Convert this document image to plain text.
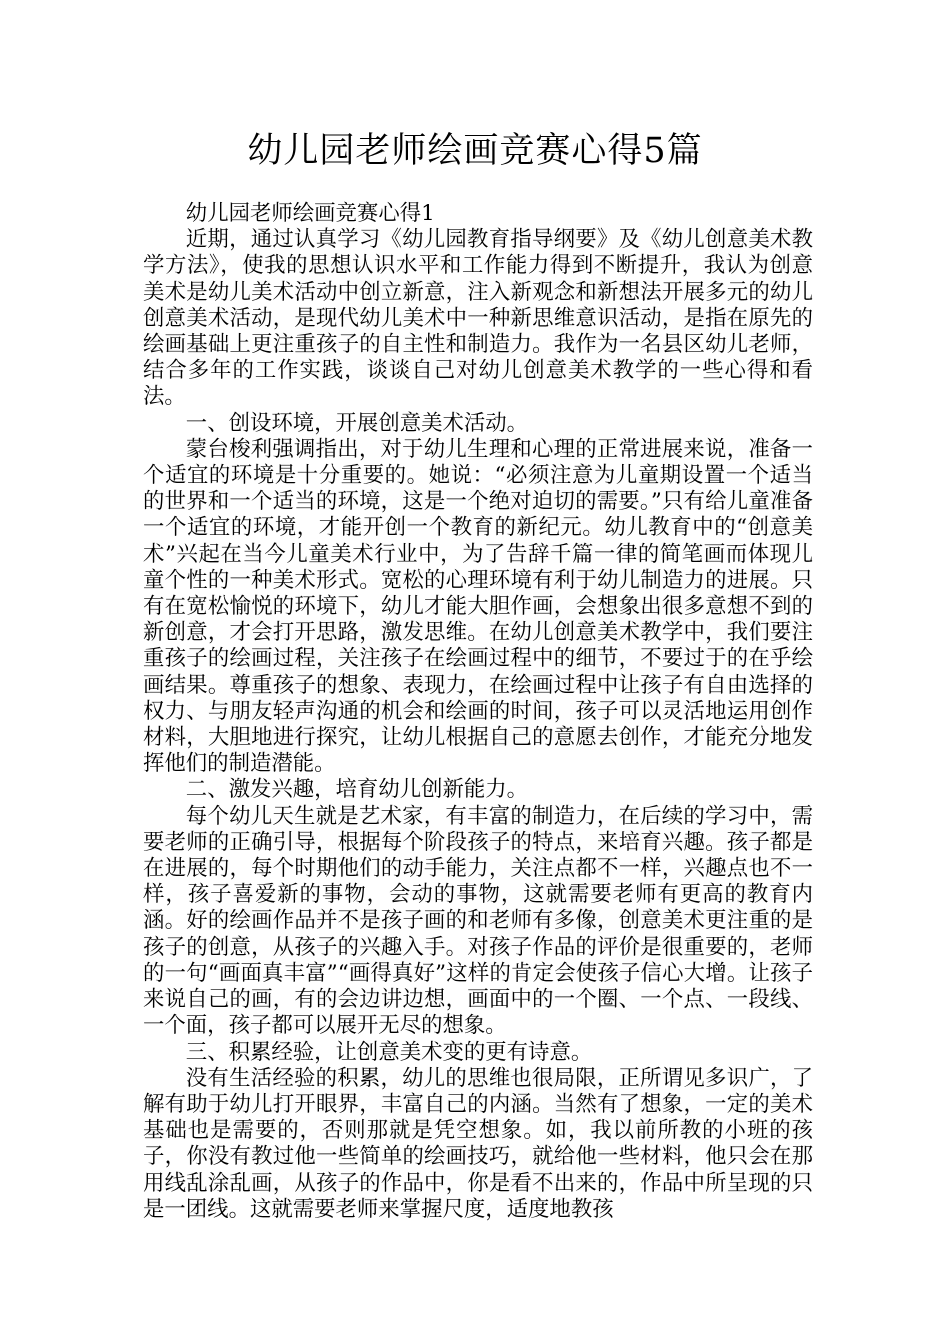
幼儿园老师绘画竞赛心得5篇

幼儿园老师绘画竞赛心得1

近期，通过认真学习《幼儿园教育指导纲要》及《幼儿创意美术教学方法》，使我的思想认识水平和工作能力得到不断提升，我认为创意美术是幼儿美术活动中创立新意，注入新观念和新想法开展多元的幼儿创意美术活动，是现代幼儿美术中一种新思维意识活动，是指在原先的绘画基础上更注重孩子的自主性和制造力。我作为一名县区幼儿老师，结合多年的工作实践，谈谈自己对幼儿创意美术教学的一些心得和看法。

一、创设环境，开展创意美术活动。

蒙台梭利强调指出，对于幼儿生理和心理的正常进展来说，准备一个适宜的环境是十分重要的。她说：“必须注意为儿童期设置一个适当的世界和一个适当的环境，这是一个绝对迫切的需要。”只有给儿童准备一个适宜的环境，才能开创一个教育的新纪元。幼儿教育中的“创意美术”兴起在当今儿童美术行业中，为了告辞千篇一律的简笔画而体现儿童个性的一种美术形式。宽松的心理环境有利于幼儿制造力的进展。只有在宽松愉悦的环境下，幼儿才能大胆作画，会想象出很多意想不到的新创意，才会打开思路，激发思维。在幼儿创意美术教学中，我们要注重孩子的绘画过程，关注孩子在绘画过程中的细节，不要过于的在乎绘画结果。尊重孩子的想象、表现力，在绘画过程中让孩子有自由选择的权力、与朋友轻声沟通的机会和绘画的时间，孩子可以灵活地运用创作材料，大胆地进行探究，让幼儿根据自己的意愿去创作，才能充分地发挥他们的制造潜能。

二、激发兴趣，培育幼儿创新能力。

每个幼儿天生就是艺术家，有丰富的制造力，在后续的学习中，需要老师的正确引导，根据每个阶段孩子的特点，来培育兴趣。孩子都是在进展的，每个时期他们的动手能力，关注点都不一样，兴趣点也不一样，孩子喜爱新的事物，会动的事物，这就需要老师有更高的教育内涵。好的绘画作品并不是孩子画的和老师有多像，创意美术更注重的是孩子的创意，从孩子的兴趣入手。对孩子作品的评价是很重要的，老师的一句“画面真丰富”“画得真好”这样的肯定会使孩子信心大增。让孩子来说自己的画，有的会边讲边想，画面中的一个圈、一个点、一段线、一个面，孩子都可以展开无尽的想象。

三、积累经验，让创意美术变的更有诗意。

没有生活经验的积累，幼儿的思维也很局限，正所谓见多识广，了解有助于幼儿打开眼界，丰富自己的内涵。当然有了想象，一定的美术基础也是需要的，否则那就是凭空想象。如，我以前所教的小班的孩子，你没有教过他一些简单的绘画技巧，就给他一些材料，他只会在那用线乱涂乱画，从孩子的作品中，你是看不出来的，作品中所呈现的只是一团线。这就需要老师来掌握尺度，适度地教孩
